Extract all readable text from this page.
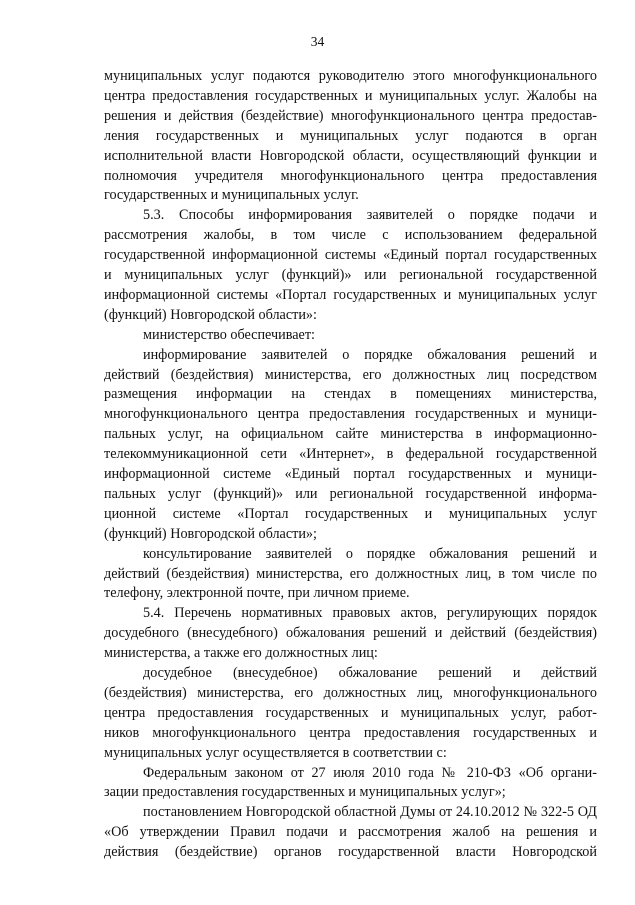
34
муниципальных услуг подаются руководителю этого многофункционального
центра предоставления государственных и муниципальных услуг. Жалобы на
решения и действия (бездействие) многофункционального центра предостав-
ления государственных и муниципальных услуг подаются в орган
исполнительной власти Новгородской области, осуществляющий функции и
полномочия учредителя многофункционального центра предоставления
государственных и муниципальных услуг.
5.3. Способы информирования заявителей о порядке подачи и
рассмотрения жалобы, в том числе с использованием федеральной
государственной информационной системы «Единый портал государственных
и муниципальных услуг (функций)» или региональной государственной
информационной системы «Портал государственных и муниципальных услуг
(функций) Новгородской области»:
министерство обеспечивает:
информирование заявителей о порядке обжалования решений и
действий (бездействия) министерства, его должностных лиц посредством
размещения информации на стендах в помещениях министерства,
многофункционального центра предоставления государственных и муници-
пальных услуг, на официальном сайте министерства в информационно-
телекоммуникационной сети «Интернет», в федеральной государственной
информационной системе «Единый портал государственных и муници-
пальных услуг (функций)» или региональной государственной информа-
ционной системе «Портал государственных и муниципальных услуг
(функций) Новгородской области»;
консультирование заявителей о порядке обжалования решений и
действий (бездействия) министерства, его должностных лиц, в том числе по
телефону, электронной почте, при личном приеме.
5.4. Перечень нормативных правовых актов, регулирующих порядок
досудебного (внесудебного) обжалования решений и действий (бездействия)
министерства, а также его должностных лиц:
досудебное (внесудебное) обжалование решений и действий
(бездействия) министерства, его должностных лиц, многофункционального
центра предоставления государственных и муниципальных услуг, работ-
ников многофункционального центра предоставления государственных и
муниципальных услуг осуществляется в соответствии с:
Федеральным законом от 27 июля 2010 года № 210-ФЗ «Об органи-
зации предоставления государственных и муниципальных услуг»;
постановлением Новгородской областной Думы от 24.10.2012 № 322-5 ОД
«Об утверждении Правил подачи и рассмотрения жалоб на решения и
действия (бездействие) органов государственной власти Новгородской
